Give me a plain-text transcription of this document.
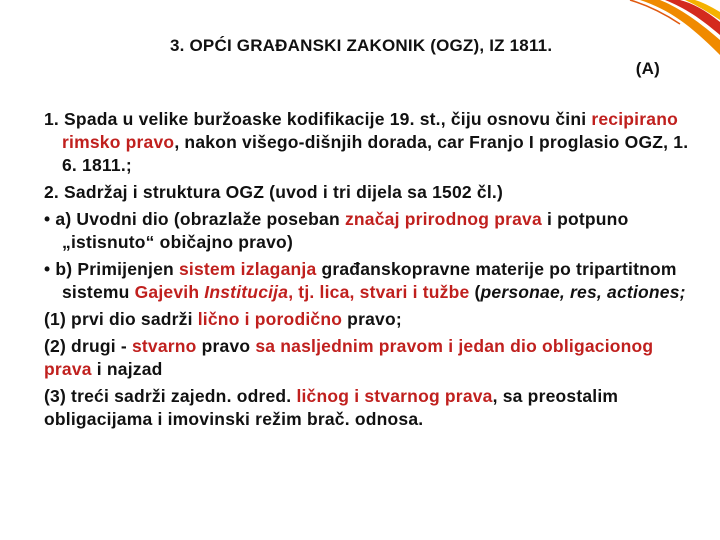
3. OPĆI GRAĐANSKI ZAKONIK (OGZ), IZ 1811.
(A)

1. Spada u velike buržoaske kodifikacije 19. st., čiju osnovu čini recipirano rimsko pravo, nakon višego-dišnjih dorada, car Franjo I proglasio OGZ, 1. 6. 1811.;

2. Sadržaj i struktura OGZ (uvod i tri dijela sa 1502 čl.)

• a) Uvodni dio (obrazlaže poseban značaj prirodnog prava i potpuno „istisnuto“ običajno pravo)

• b) Primijenjen sistem izlaganja građanskopravne materije po tripartitnom sistemu Gajevih Institucija, tj. lica, stvari i tužbe (personae, res, actiones;

(1) prvi dio sadrži lično i porodično pravo;

(2) drugi - stvarno pravo sa nasljednim pravom i jedan dio obligacionog prava i najzad

(3) treći sadrži zajedn. odred. ličnog i stvarnog prava, sa preostalim obligacijama i imovinski režim brač. odnosa.
